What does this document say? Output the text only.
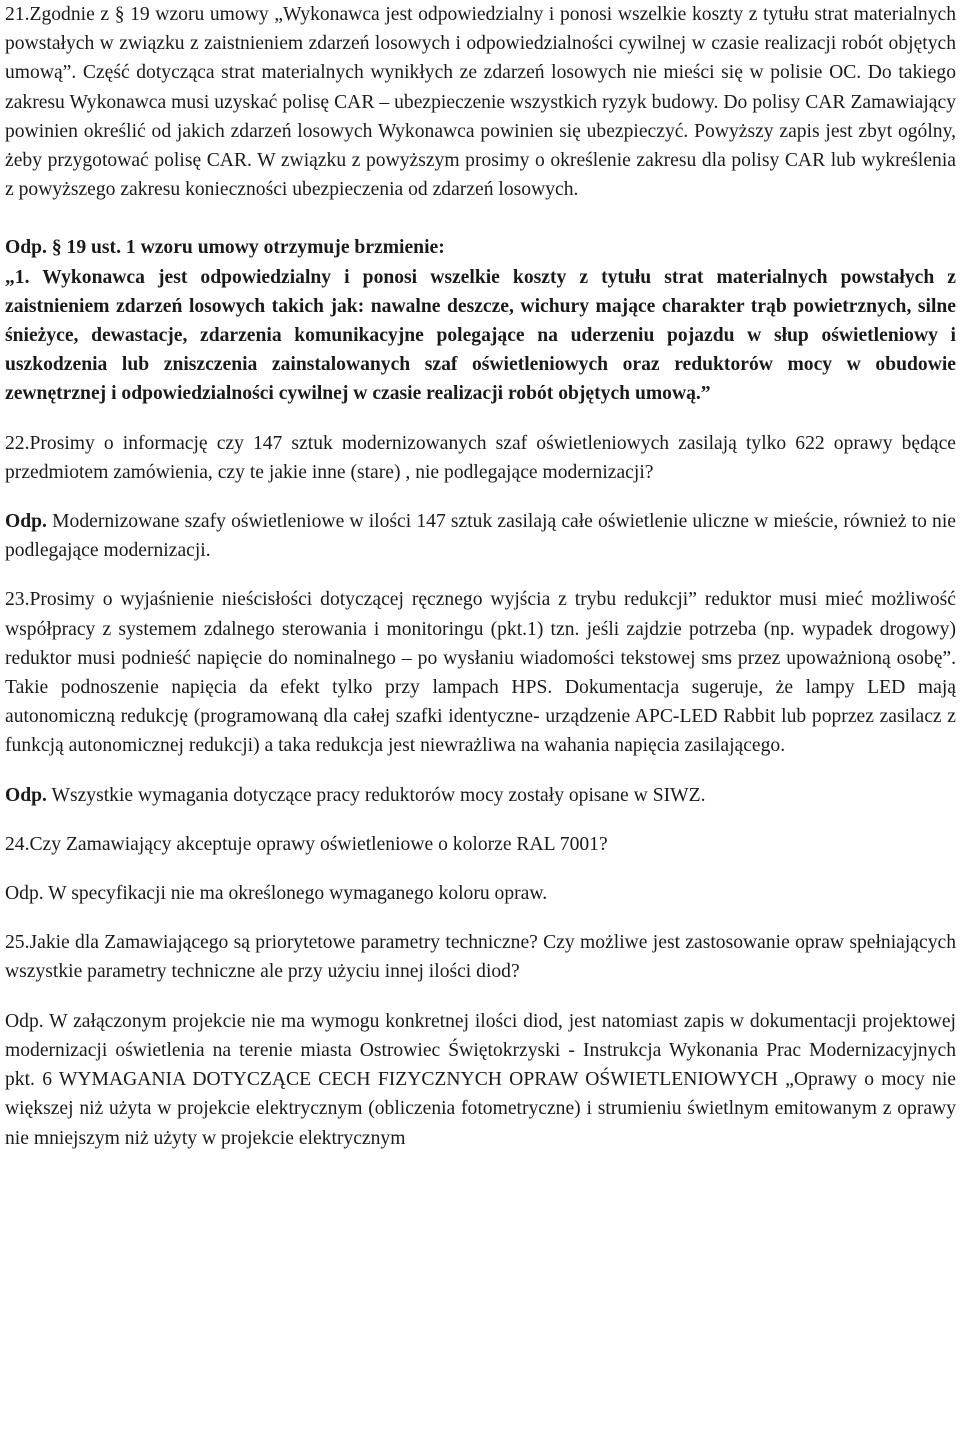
21.Zgodnie z § 19 wzoru umowy „Wykonawca jest odpowiedzialny i ponosi wszelkie koszty z tytułu strat materialnych powstałych w związku z zaistnieniem zdarzeń losowych i odpowiedzialności cywilnej w czasie realizacji robót objętych umową”. Część dotycząca strat materialnych wynikłych ze zdarzeń losowych nie mieści się w polisie OC. Do takiego zakresu Wykonawca musi uzyskać polisę CAR – ubezpieczenie wszystkich ryzyk budowy. Do polisy CAR Zamawiający powinien określić od jakich zdarzeń losowych Wykonawca powinien się ubezpieczyć. Powyższy zapis jest zbyt ogólny, żeby przygotować polisę CAR. W związku z powyższym prosimy o określenie zakresu dla polisy CAR lub wykreślenia z powyższego zakresu konieczności ubezpieczenia od zdarzeń losowych.

Odp. § 19 ust. 1 wzoru umowy otrzymuje brzmienie:

„1. Wykonawca jest odpowiedzialny i ponosi wszelkie koszty z tytułu strat materialnych powstałych z zaistnieniem zdarzeń losowych takich jak: nawalne deszcze, wichury mające charakter trąb powietrznych, silne śnieżyce, dewastacje, zdarzenia komunikacyjne polegające na uderzeniu pojazdu w słup oświetleniowy i uszkodzenia lub zniszczenia zainstalowanych szaf oświetleniowych oraz reduktorów mocy w obudowie zewnętrznej i odpowiedzialności cywilnej w czasie realizacji robót objętych umową.”

22.Prosimy o informację czy 147 sztuk modernizowanych szaf oświetleniowych zasilają tylko 622 oprawy będące przedmiotem zamówienia, czy te jakie inne (stare) , nie podlegające modernizacji?

Odp. Modernizowane szafy oświetleniowe w ilości 147 sztuk zasilają całe oświetlenie uliczne w mieście, również to nie podlegające modernizacji.

23.Prosimy o wyjaśnienie nieścisłości dotyczącej ręcznego wyjścia z trybu redukcji” reduktor musi mieć możliwość współpracy z systemem zdalnego sterowania i monitoringu (pkt.1) tzn. jeśli zajdzie potrzeba (np. wypadek drogowy) reduktor musi podnieść napięcie do nominalnego – po wysłaniu wiadomości tekstowej sms przez upoważnioną osobę”. Takie podnoszenie napięcia da efekt tylko przy lampach HPS. Dokumentacja sugeruje, że lampy LED mają autonomiczną redukcję (programowaną dla całej szafki identyczne- urządzenie APC-LED Rabbit lub poprzez zasilacz z funkcją autonomicznej redukcji) a taka redukcja jest niewrażliwa na wahania napięcia zasilającego.

Odp. Wszystkie wymagania dotyczące pracy reduktorów mocy zostały opisane w SIWZ.

24.Czy Zamawiający akceptuje oprawy oświetleniowe o kolorze RAL 7001?

Odp. W specyfikacji nie ma określonego wymaganego koloru opraw.

25.Jakie dla Zamawiającego są priorytetowe parametry techniczne? Czy możliwe jest zastosowanie opraw spełniających wszystkie parametry techniczne ale przy użyciu innej ilości diod?

Odp. W załączonym projekcie nie ma wymogu konkretnej ilości diod, jest natomiast zapis w dokumentacji projektowej modernizacji oświetlenia na terenie miasta Ostrowiec Świętokrzyski - Instrukcja Wykonania Prac Modernizacyjnych pkt. 6 WYMAGANIA DOTYCZĄCE CECH FIZYCZNYCH OPRAW OŚWIETLENIOWYCH „Oprawy o mocy nie większej niż użyta w projekcie elektrycznym (obliczenia fotometryczne) i strumieniu świetlnym emitowanym z oprawy nie mniejszym niż użyty w projekcie elektrycznym
